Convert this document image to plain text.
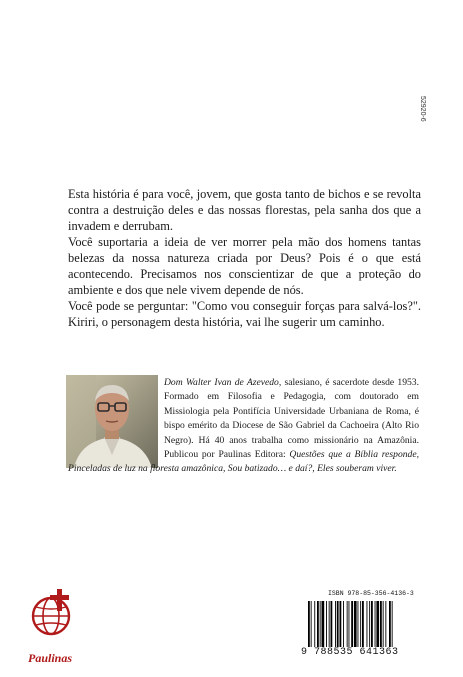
52920-6

Esta história é para você, jovem, que gosta tanto de bichos e se revolta contra a destruição deles e das nossas florestas, pela sanha dos que a invadem e derrubam.

Você suportaria a ideia de ver morrer pela mão dos homens tantas belezas da nossa natureza criada por Deus? Pois é o que está acontecendo. Precisamos nos conscientizar de que a proteção do ambiente e dos que nele vivem depende de nós.

Você pode se perguntar: "Como vou conseguir forças para salvá-los?". Kiriri, o personagem desta história, vai lhe sugerir um caminho.

Dom Walter Ivan de Azevedo, salesiano, é sacerdote desde 1953. Formado em Filosofia e Pedagogia, com doutorado em Missiologia pela Pontifícia Universidade Urbaniana de Roma, é bispo emérito da Diocese de São Gabriel da Cachoeira (Alto Rio Negro). Há 40 anos trabalha como missionário na Amazônia. Publicou por Paulinas Editora: Questões que a Bíblia responde, Pinceladas de luz na floresta amazônica, Sou batizado… e daí?, Eles souberam viver.
Paulinas
ISBN 978-85-356-4136-3
9 788535 641363
